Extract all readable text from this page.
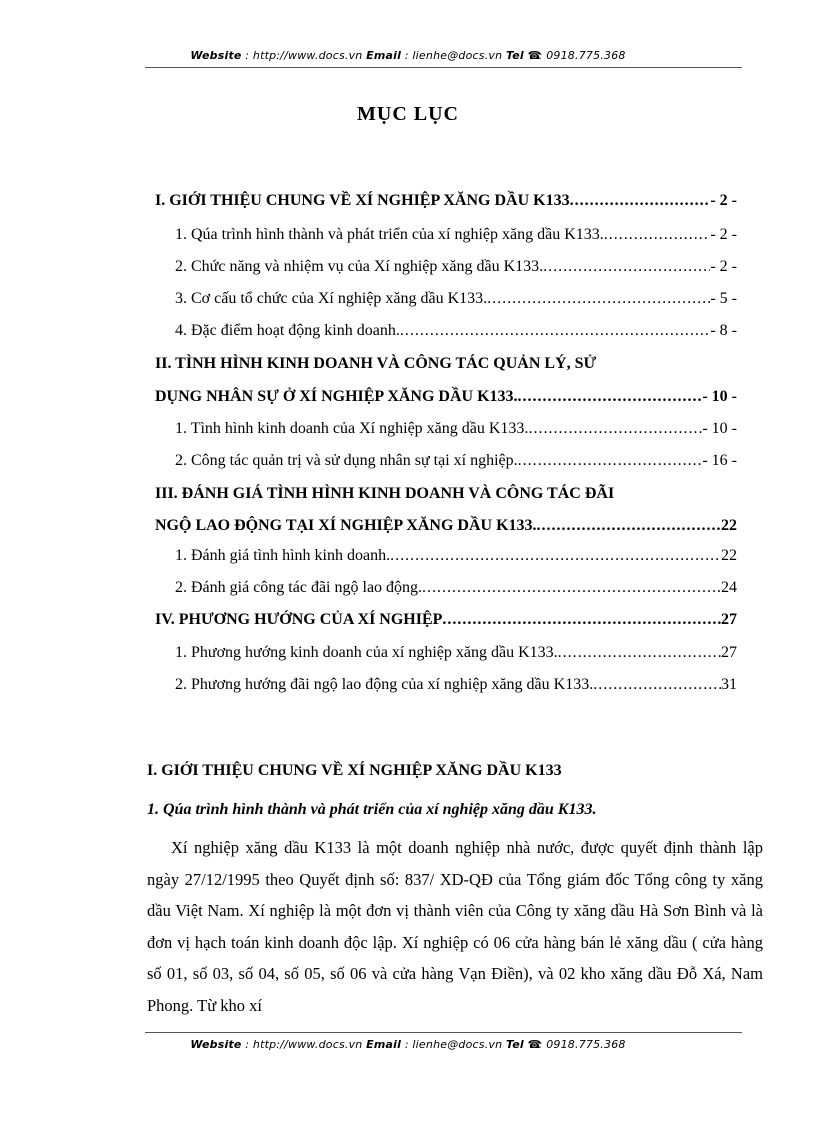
Website : http://www.docs.vn Email : lienhe@docs.vn Tel ☎: 0918.775.368
MỤC LỤC
I. GIỚI THIỆU CHUNG VỀ XÍ NGHIỆP XĂNG DẦU K133 .....	- 2 -
1. Qúa trình hình thành và phát triển của xí nghiệp xăng dầu K133. .....	- 2 -
2. Chức năng và nhiệm vụ của Xí nghiệp xăng dầu K133. .....	- 2 -
3. Cơ cấu tổ chức của Xí nghiệp xăng dầu K133. .....	- 5 -
4. Đặc điểm hoạt động kinh doanh. .....	- 8 -
II. TÌNH HÌNH KINH DOANH VÀ CÔNG TÁC QUẢN LÝ, SỬ
DỤNG NHÂN SỰ Ở XÍ NGHIỆP XĂNG DẦU K133. .....	- 10 -
1. Tình hình kinh doanh của Xí nghiệp xăng dầu K133. .....	- 10 -
2. Công tác quản trị và sử dụng nhân sự tại xí nghiệp. .....	- 16 -
III. ĐÁNH GIÁ TÌNH HÌNH KINH DOANH VÀ CÔNG TÁC ĐÃI
NGỘ LAO ĐỘNG TẠI XÍ NGHIỆP XĂNG DẦU K133. .....	22
1. Đánh giá tình hình kinh doanh. .....	22
2. Đánh giá công tác đãi ngộ lao động. .....	24
IV. PHƯƠNG HƯỚNG CỦA XÍ NGHIỆP .....	27
1. Phương hướng kinh doanh của xí nghiệp xăng dầu K133. .....	27
2. Phương hướng đãi ngộ lao động của xí nghiệp xăng dầu K133. .....	31
I. GIỚI THIỆU CHUNG VỀ XÍ NGHIỆP XĂNG DẦU K133
1. Qúa trình hình thành và phát triển của xí nghiệp xăng dầu K133.

Xí nghiệp xăng dầu K133 là một doanh nghiệp nhà nước, được quyết định thành lập ngày 27/12/1995 theo Quyết định số: 837/ XD-QĐ của Tổng giám đốc Tổng công ty xăng dầu Việt Nam. Xí nghiệp là một đơn vị thành viên của Công ty xăng dầu Hà Sơn Bình và là đơn vị hạch toán kinh doanh độc lập. Xí nghiệp có 06 cửa hàng bán lẻ xăng dầu ( cửa hàng số 01, số 03, số 04, số 05, số 06 và cửa hàng Vạn Điền), và 02 kho xăng dầu Đỗ Xá, Nam Phong. Từ kho xí

Website : http://www.docs.vn Email : lienhe@docs.vn Tel ☎: 0918.775.368
